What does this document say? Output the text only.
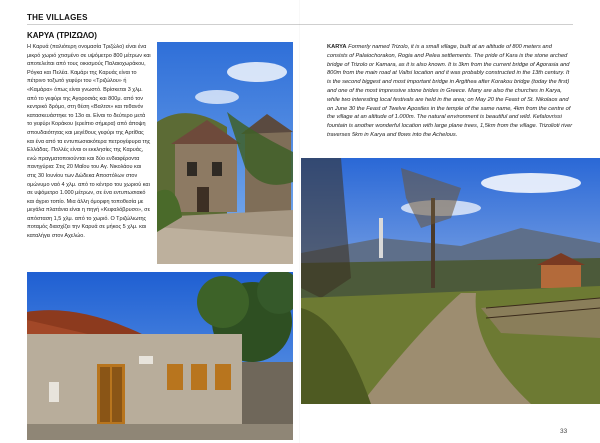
THE VILLAGES
ΚΑΡΥΑ (ΤΡΙΖΩΛΟ)
Η Καρυά (παλιότερη ονομασία Τριζώλο) είναι ένα μικρό χωριό χτισμένο σε υψόμετρο 800 μέτρων και αποτελείται από τους οικισμούς Παλαιοχωράκου, Ρόγκα και Πελέα. Καμάρι της Καρυάς είναι το πέτρινο τοξωτό γεφύρι του «Τριζώλου» ή «Καμάρα» όπως είναι γνωστό. Βρίσκεται 3 χλμ. από το γεφύρι της Αγοροσιάς και 800μ. από τον κεντρικό δρόμο, στη θέση «Βαλτσι» και πιθανόν κατασκευάστηκε το 13ο αι. Είναι το δεύτερο μετά το γεφύρι Κοράκου (ερείπιο σήμερα) από άποψη σπουδαιότητας και μεγέθους γεφύρι της Αρτίθας και ένα από τα εντυπωσιακότερα πετρογέφυρα της Ελλάδας. Πολλές είναι οι εκκλησίες της Καρυάς, ενώ πραγματοποιούνται και δύο ενδιαφέροντα πανηγύρια: Στις 20 Μαΐου του Αγ. Νικολάου και στις 30 Ιουνίου των Δώδεκα Αποστόλων στον ομώνυμο ναό 4 χλμ. από το κέντρο του χωριού και σε υψόμετρο 1.000 μέτρων, σε ένα εντυπωσιακό και άγριο τοπίο. Μια άλλη όμορφη τοποθεσία με μεγάλα πλατάνια είναι η πηγή «Κεφαλόβρυσο», σε απόσταση 1,5 χλμ. από το χωριό. Ο Τριζώλιωτης ποταμός διασχίζει την Καρυά σε μήκος 5 χλμ. και καταλήγει στον Αχελώο.
KARYA Formerly named Trizolo, it is a small village, built at an altitude of 800 meters and consists of Palaiochorakon, Rogia and Pelea settlements. The pride of Kara is the stone arched bridge of Trizolo or Kamara, as it is also known. It is 3km from the current bridge of Agorasia and 800m from the main road at Valtsi location and it was probably constructed in the 13th century. It is the second biggest and most important bridge in Argithea after Korakou bridge (today the first) and one of the most impressive stone brides in Greece. Many are also the churches in Karya, while two interesting local festivals are held in the area; on May 20 the Feast of St. Nikolaos and on June 30 the Feast of Twelve Apostles in the temple of the same name, 4km from the centre of the village at an altitude of 1.000m. The natural environment is beautiful and wild. Kefalovrissi fountain is another wonderful location with large plane trees, 1,5km from the village. Trizolioti river traverses 5km in Karya and flows into the Achelous.
33
